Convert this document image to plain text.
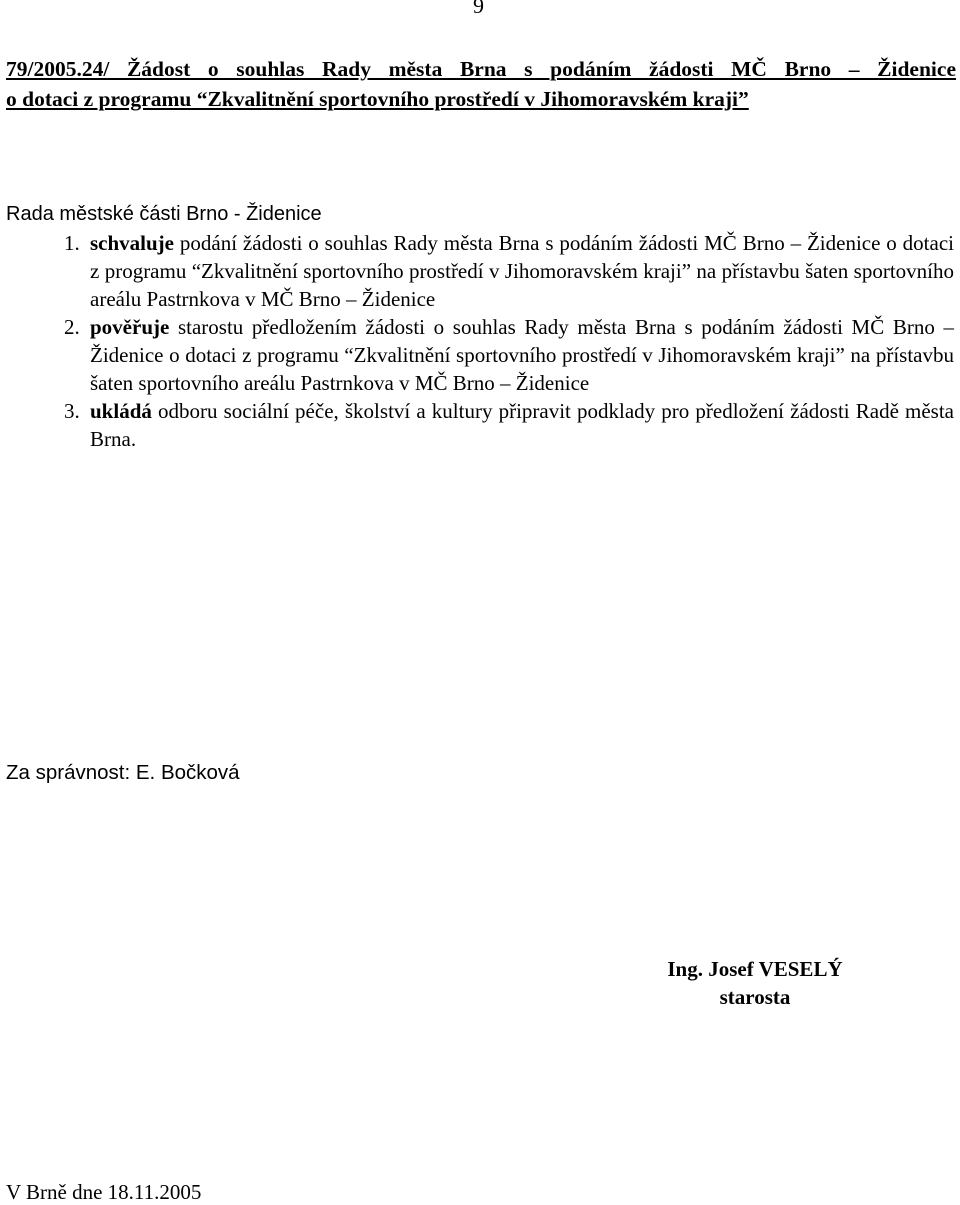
9
79/2005.24/ Žádost o souhlas Rady města Brna s podáním žádosti MČ Brno – Židenice
o dotaci z programu “Zkvalitnění sportovního prostředí v Jihomoravském kraji”
Rada městské části Brno - Židenice
1. schvaluje podání žádosti o souhlas Rady města Brna s podáním žádosti MČ Brno – Židenice o dotaci z programu “Zkvalitnění sportovního prostředí v Jihomoravském kraji” na přístavbu šaten sportovního areálu Pastrnkova v MČ Brno – Židenice
2. pověřuje starostu předložením žádosti o souhlas Rady města Brna s podáním žádosti MČ Brno – Židenice o dotaci z programu “Zkvalitnění sportovního prostředí v Jihomoravském kraji” na přístavbu šaten sportovního areálu Pastrnkova v MČ Brno – Židenice
3. ukládá odboru sociální péče, školství a kultury připravit podklady pro předložení žádosti Radě města Brna.
Za správnost: E. Bočková
Ing. Josef VESELÝ
starosta
V Brně dne 18.11.2005
